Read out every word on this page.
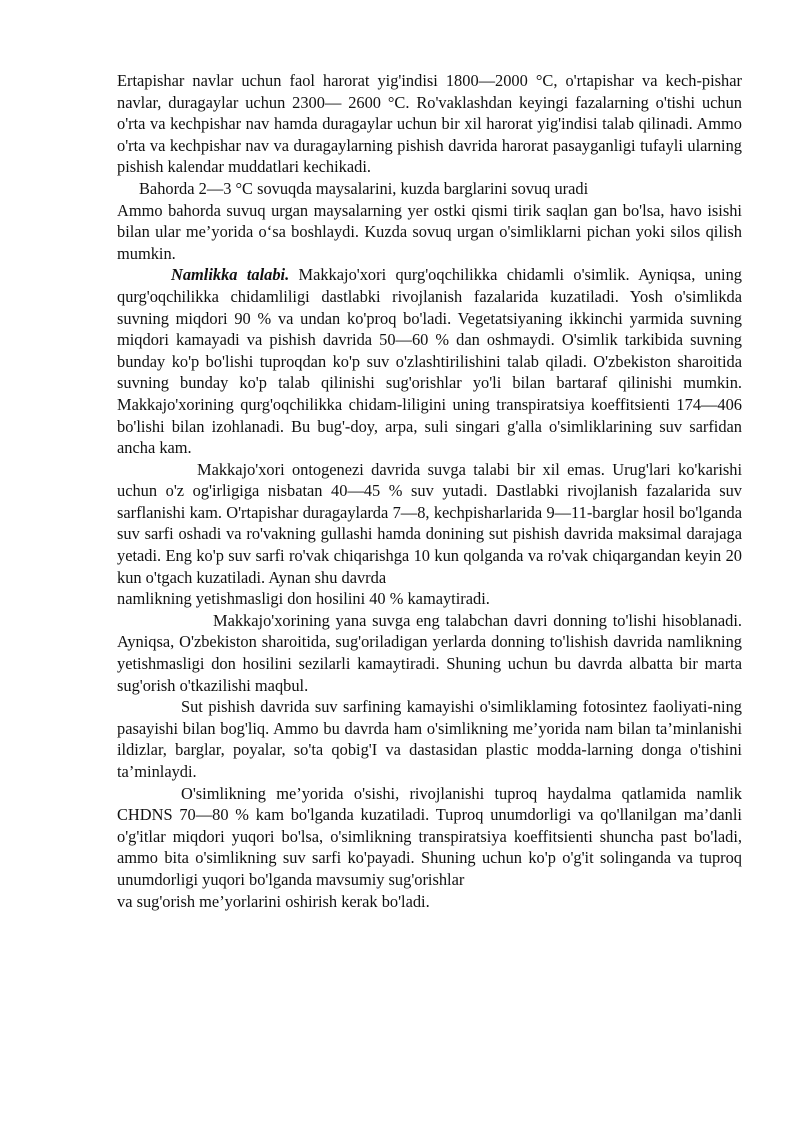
Ertapishar navlar uchun faol harorat yig'indisi 1800—2000 °C, o'rtapishar va kech-pishar navlar, duragaylar uchun 2300— 2600 °C. Ro'vaklashdan keyingi fazalarning o'tishi uchun o'rta va kechpishar nav hamda duragaylar uchun bir xil harorat yig'indisi talab qilinadi. Ammo o'rta va kechpishar nav va duragaylarning pishish davrida harorat pasayganligi tufayli ularning pishish kalendar muddatlari kechikadi.

Bahorda 2—3 °C sovuqda maysalarini, kuzda barglarini sovuq uradi

Ammo bahorda suvuq urgan maysalarning yer ostki qismi tirik saqlan gan bo'lsa, havo isishi bilan ular me’yorida o‘sa boshlaydi. Kuzda sovuq urgan o'simliklarni pichan yoki silos qilish mumkin.

Namlikka talabi. Makkajo'xori qurg'oqchilikka chidamli o'simlik. Ayniqsa, uning qurg'oqchilikka chidamliligi dastlabki rivojlanish fazalarida kuzatiladi. Yosh o'simlikda suvning miqdori 90 % va undan ko'proq bo'ladi. Vegetatsiyaning ikkinchi yarmida suvning miqdori kamayadi va pishish davrida 50—60 % dan oshmaydi. O'simlik tarkibida suvning bunday ko'p bo'lishi tuproqdan ko'p suv o'zlashtirilishini talab qiladi. O'zbekiston sharoitida suvning bunday ko'p talab qilinishi sug'orishlar yo'li bilan bartaraf qilinishi mumkin. Makkajo'xorining qurg'oqchilikka chidam-liligini uning transpiratsiya koeffitsienti 174—406 bo'lishi bilan izohlanadi. Bu bug'-doy, arpa, suli singari g'alla o'simliklarining suv sarfidan ancha kam.

Makkajo'xori ontogenezi davrida suvga talabi bir xil emas. Urug'lari ko'karishi uchun o'z og'irligiga nisbatan 40—45 % suv yutadi. Dastlabki rivojlanish fazalarida suv sarflanishi kam. O'rtapishar duragaylarda 7—8, kechpisharlarida 9—11-barglar hosil bo'lganda suv sarfi oshadi va ro'vakning gullashi hamda donining sut pishish davrida maksimal darajaga yetadi. Eng ko'p suv sarfi ro'vak chiqarishga 10 kun qolganda va ro'vak chiqargandan keyin 20 kun o'tgach kuzatiladi. Aynan shu davrda

namlikning yetishmasligi don hosilini 40 % kamaytiradi.

Makkajo'xorining yana suvga eng talabchan davri donning to'lishi hisoblanadi. Ayniqsa, O'zbekiston sharoitida, sug'oriladigan yerlarda donning to'lishish davrida namlikning yetishmasligi don hosilini sezilarli kamaytiradi. Shuning uchun bu davrda albatta bir marta sug'orish o'tkazilishi maqbul.

Sut pishish davrida suv sarfining kamayishi o'simliklaming fotosintez faoliyati-ning pasayishi bilan bog'liq. Ammo bu davrda ham o'simlikning me’yorida nam bilan ta’minlanishi ildizlar, barglar, poyalar, so'ta qobig'I va dastasidan plastic modda-larning donga o'tishini ta’minlaydi.

O'simlikning me’yorida o'sishi, rivojlanishi tuproq haydalma qatlamida namlik CHDNS 70—80 % kam bo'lganda kuzatiladi. Tuproq unumdorligi va qo'llanilgan ma’danli o'g'itlar miqdori yuqori bo'lsa, o'simlikning transpiratsiya koeffitsienti shuncha past bo'ladi, ammo bita o'simlikning suv sarfi ko'payadi. Shuning uchun ko'p o'g'it solinganda va tuproq unumdorligi yuqori bo'lganda mavsumiy sug'orishlar

va sug'orish me’yorlarini oshirish kerak bo'ladi.
